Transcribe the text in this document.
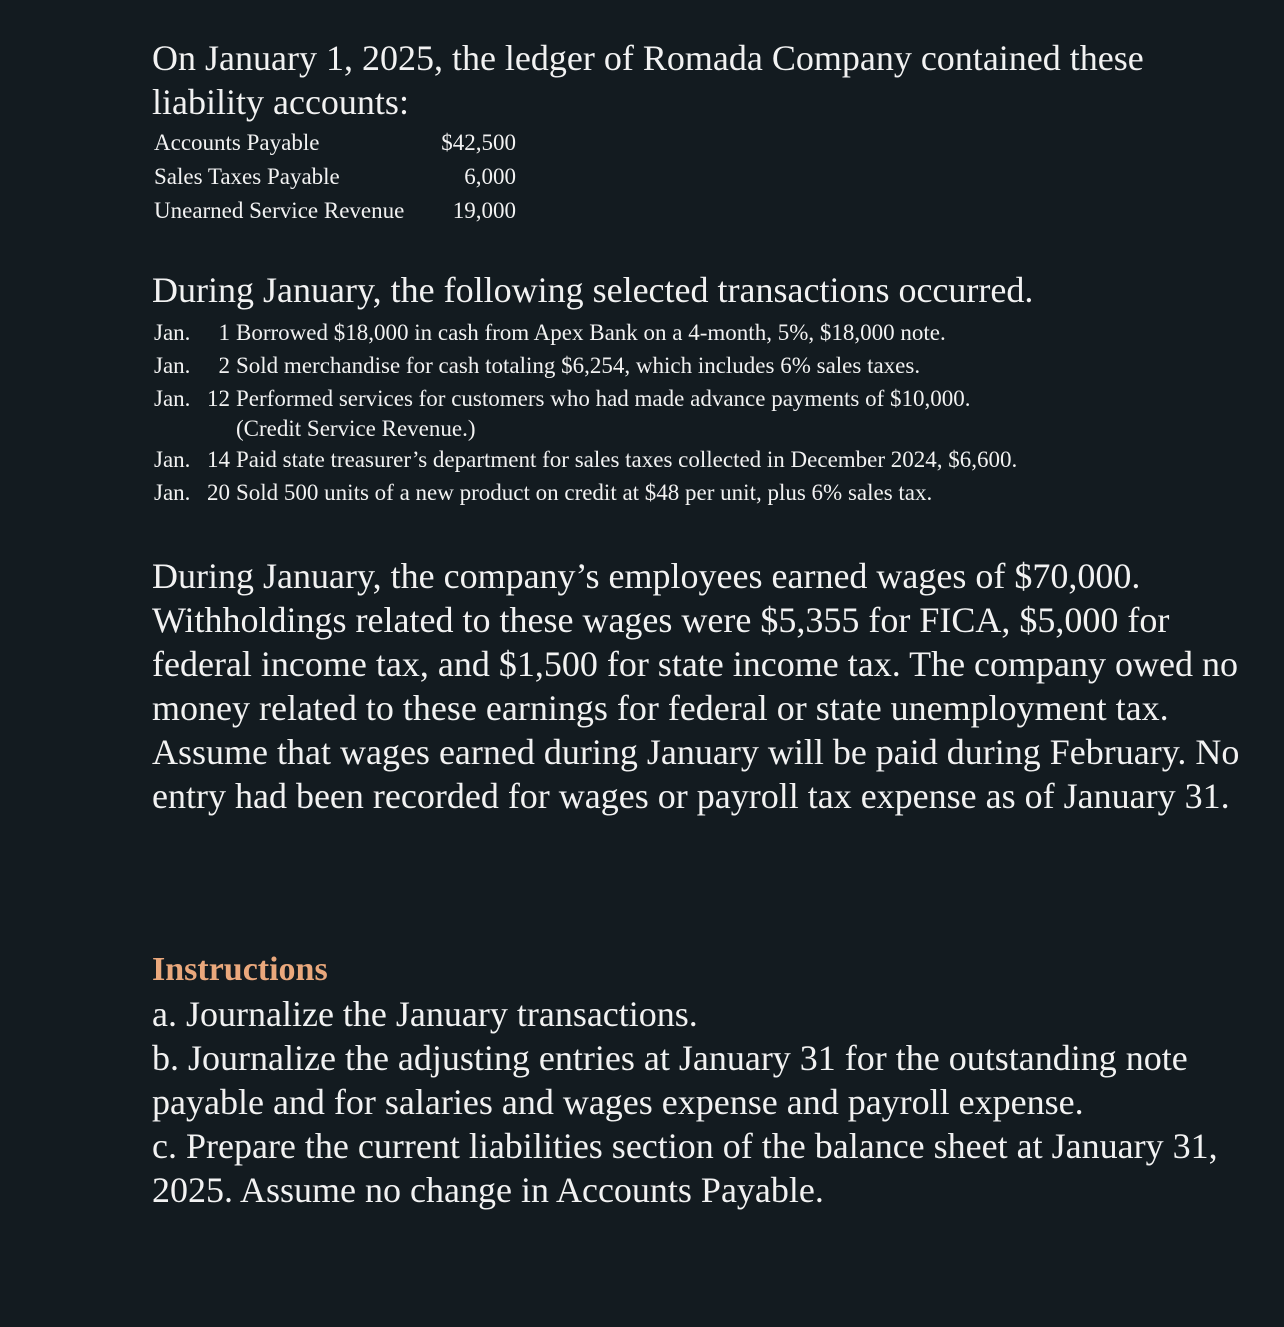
On January 1, 2025, the ledger of Romada Company contained these liability accounts:

Accounts Payable	$42,500
Sales Taxes Payable	6,000
Unearned Service Revenue 19,000

During January, the following selected transactions occurred.

Jan.	1 Borrowed $18,000 in cash from Apex Bank on a 4-month, 5%, $18,000 note.
Jan.	2 Sold merchandise for cash totaling $6,254, which includes 6% sales taxes.
Jan. 12 Performed services for customers who had made advance payments of $10,000.
(Credit Service Revenue.)
Jan. 14 Paid state treasurer’s department for sales taxes collected in December 2024, $6,600.
Jan. 20 Sold 500 units of a new product on credit at $48 per unit, plus 6% sales tax.

During January, the company’s employees earned wages of $70,000. Withholdings related to these wages were $5,355 for FICA, $5,000 for federal income tax, and $1,500 for state income tax. The company owed no money related to these earnings for federal or state unemployment tax. Assume that wages earned during January will be paid during February. No entry had been recorded for wages or payroll tax expense as of January 31.

Instructions

a. Journalize the January transactions.

b. Journalize the adjusting entries at January 31 for the outstanding note payable and for salaries and wages expense and payroll expense.

c. Prepare the current liabilities section of the balance sheet at January 31, 2025. Assume no change in Accounts Payable.
